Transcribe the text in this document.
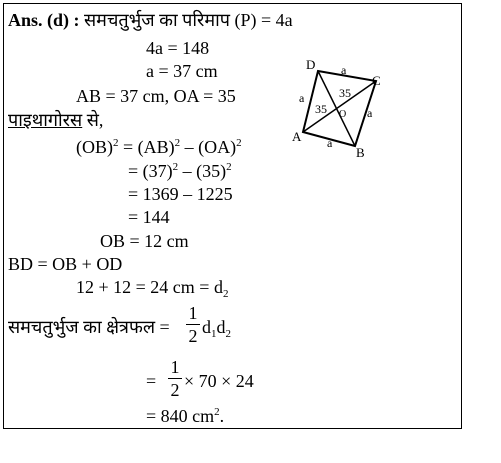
Ans. (d) : समचतुर्भुज का परिमाप (P) = 4a
4a = 148
a = 37 cm
AB = 37 cm, OA = 35
पाइथागोरस से,
(OB)$^2$ = (AB)$^2$ – (OA)$^2$
= $(37)^2 - (35)^2$
= 1369 – 1225
= 144
OB = 12 cm
BD = OB + OD
12 + 12 = 24 cm = $d_2$
समचतुर्भुज का क्षेत्रफल =
1
2 $d_1d_2$
=
1
2 × 70 × 24
= 840 $cm^2$.
D
C
B
A
O
a
a
a
a
35
35
